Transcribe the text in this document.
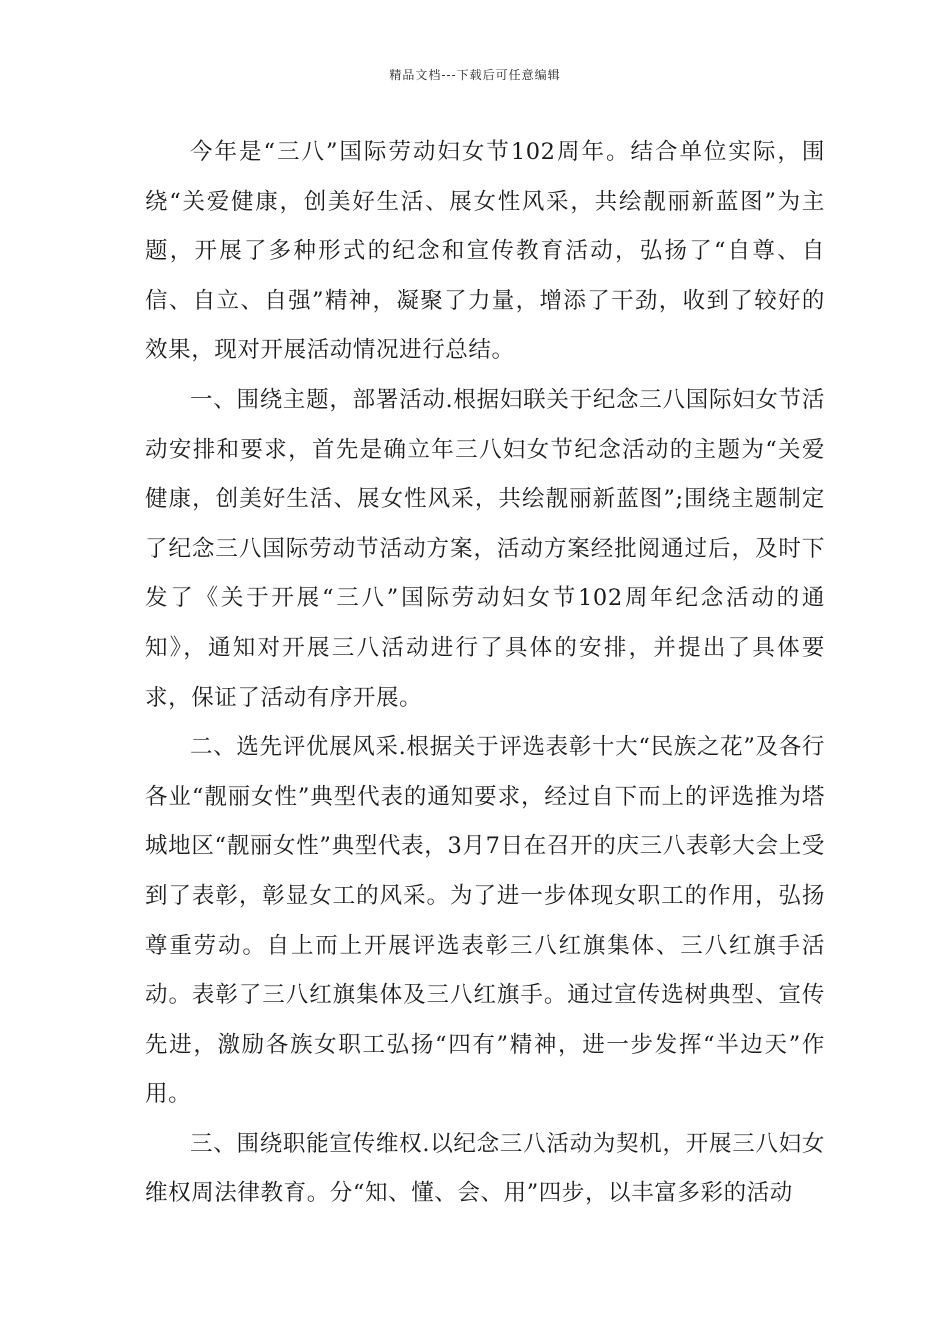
精品文档---下载后可任意编辑

今年是“三八”国际劳动妇女节102周年。结合单位实际，围绕“关爱健康，创美好生活、展女性风采，共绘靓丽新蓝图”为主题，开展了多种形式的纪念和宣传教育活动，弘扬了“自尊、自信、自立、自强”精神，凝聚了力量，增添了干劲，收到了较好的效果，现对开展活动情况进行总结。

一、围绕主题，部署活动.根据妇联关于纪念三八国际妇女节活动安排和要求，首先是确立年三八妇女节纪念活动的主题为“关爱健康，创美好生活、展女性风采，共绘靓丽新蓝图”;围绕主题制定了纪念三八国际劳动节活动方案，活动方案经批阅通过后，及时下发了《关于开展“三八”国际劳动妇女节102周年纪念活动的通知》，通知对开展三八活动进行了具体的安排，并提出了具体要求，保证了活动有序开展。

二、选先评优展风采.根据关于评选表彰十大“民族之花”及各行各业“靓丽女性”典型代表的通知要求，经过自下而上的评选推为塔城地区“靓丽女性”典型代表，3月7日在召开的庆三八表彰大会上受到了表彰，彰显女工的风采。为了进一步体现女职工的作用，弘扬尊重劳动。自上而上开展评选表彰三八红旗集体、三八红旗手活动。表彰了三八红旗集体及三八红旗手。通过宣传选树典型、宣传先进，激励各族女职工弘扬“四有”精神，进一步发挥“半边天”作用。

三、围绕职能宣传维权.以纪念三八活动为契机，开展三八妇女维权周法律教育。分“知、懂、会、用”四步，以丰富多彩的活动
